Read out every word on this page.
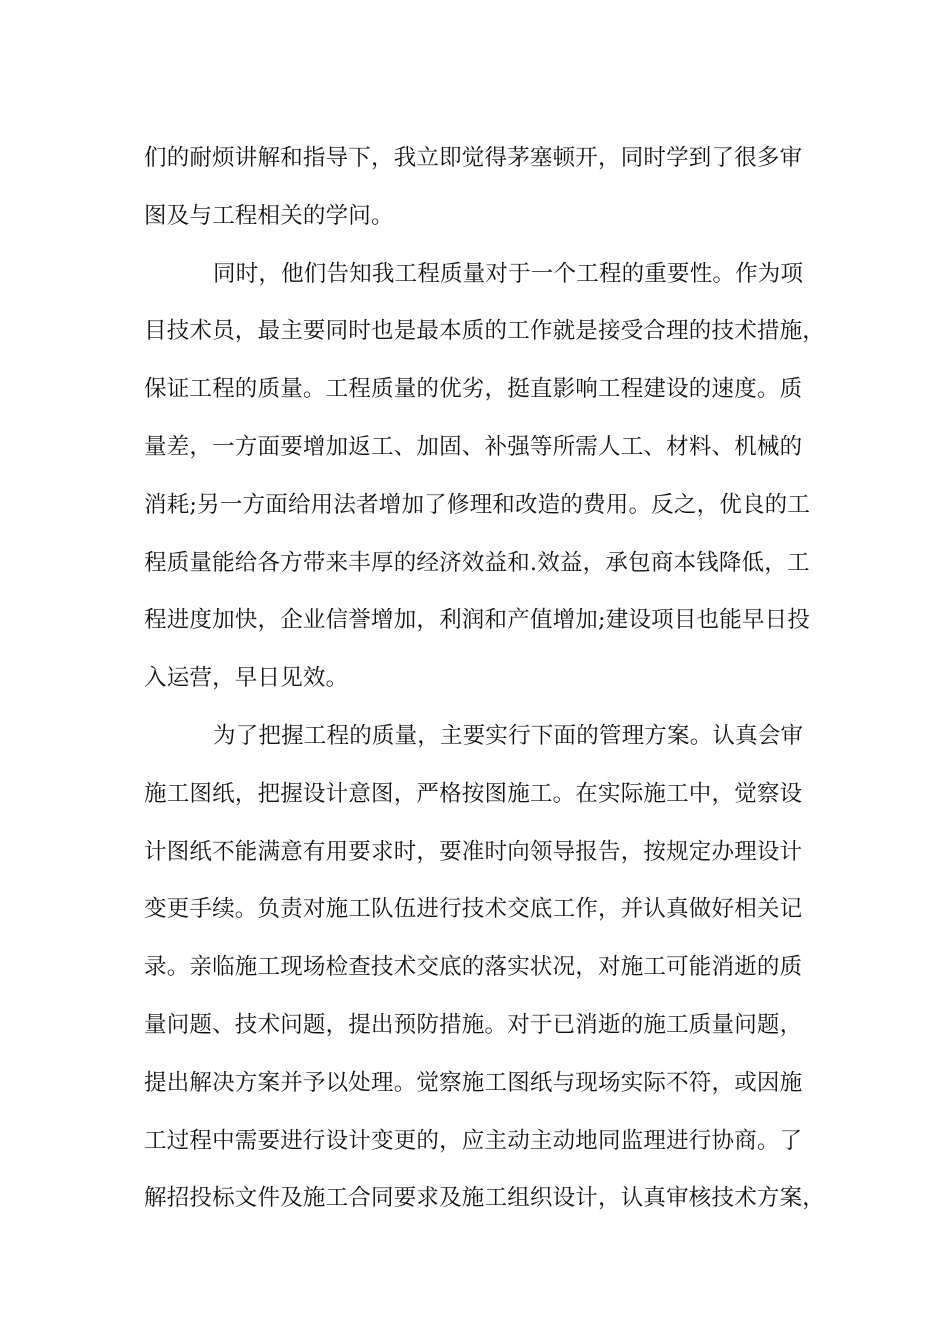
们的耐烦讲解和指导下，我立即觉得茅塞顿开，同时学到了很多审
图及与工程相关的学问。
同时，他们告知我工程质量对于一个工程的重要性。作为项
目技术员，最主要同时也是最本质的工作就是接受合理的技术措施，
保证工程的质量。工程质量的优劣，挺直影响工程建设的速度。质
量差，一方面要增加返工、加固、补强等所需人工、材料、机械的
消耗;另一方面给用法者增加了修理和改造的费用。反之，优良的工
程质量能给各方带来丰厚的经济效益和.效益，承包商本钱降低，工
程进度加快，企业信誉增加，利润和产值增加;建设项目也能早日投
入运营，早日见效。
为了把握工程的质量，主要实行下面的管理方案。认真会审
施工图纸，把握设计意图，严格按图施工。在实际施工中，觉察设
计图纸不能满意有用要求时，要准时向领导报告，按规定办理设计
变更手续。负责对施工队伍进行技术交底工作，并认真做好相关记
录。亲临施工现场检查技术交底的落实状况，对施工可能消逝的质
量问题、技术问题，提出预防措施。对于已消逝的施工质量问题，
提出解决方案并予以处理。觉察施工图纸与现场实际不符，或因施
工过程中需要进行设计变更的，应主动主动地同监理进行协商。了
解招投标文件及施工合同要求及施工组织设计，认真审核技术方案，
